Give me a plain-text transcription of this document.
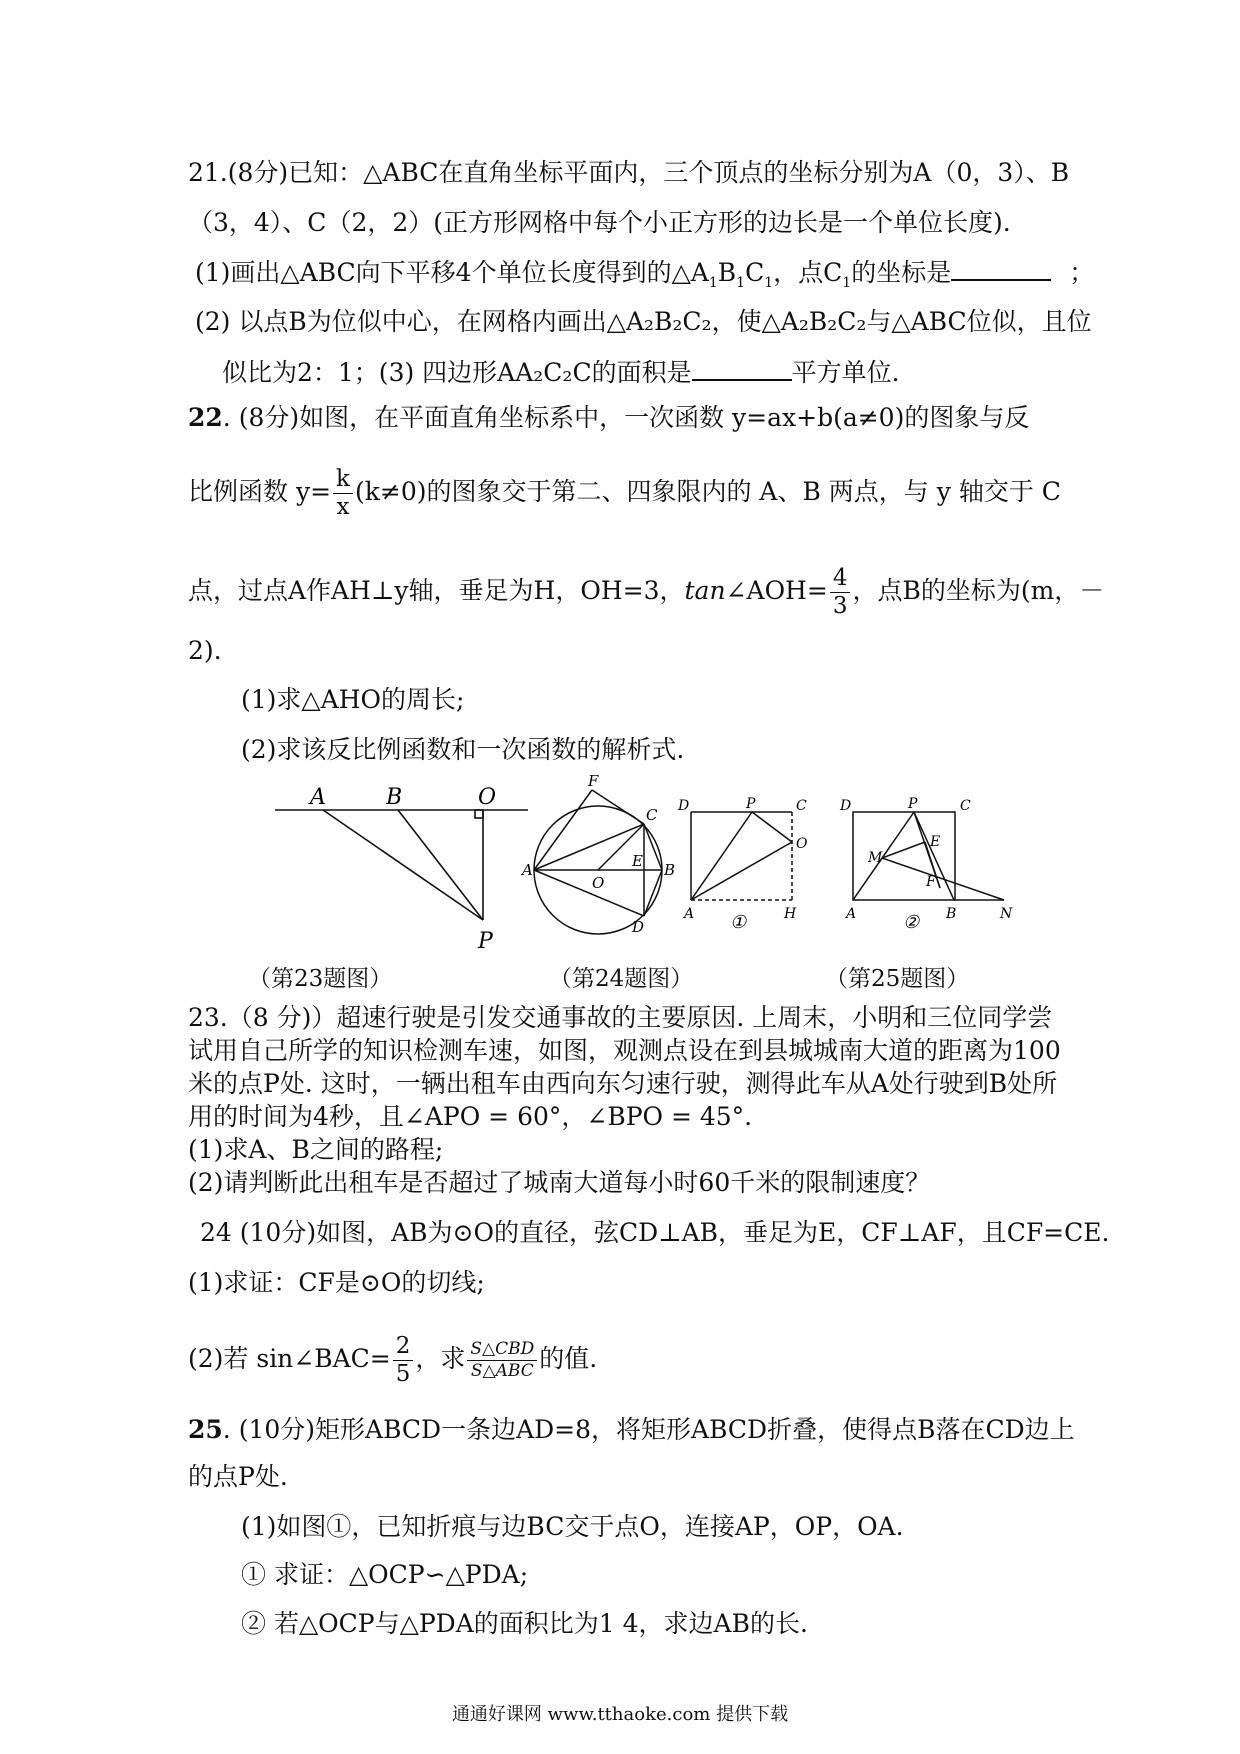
21.(8分)已知：△ABC在直角坐标平面内，三个顶点的坐标分别为A（0，3）、B
（3，4）、C（2，2）(正方形网格中每个小正方形的边长是一个单位长度).
(1)画出△ABC向下平移4个单位长度得到的$\triangle A_1B_1C_1$，点$C_1$的坐标是	；
(2) 以点B为位似中心，在网格内画出△A₂B₂C₂，使△A₂B₂C₂与△ABC位似，且位
似比为2：1；(3) 四边形AA₂C₂C的面积是	平方单位.
22. (8分)如图，在平面直角坐标系中，一次函数 y=ax+b(a≠0)的图象与反
比例函数 $y= \frac{k}{x} (k\ne 0)$的图象交于第二、四象限内的 A、B 两点，与 y 轴交于 C
点，过点A作AH⊥y轴，垂足为H，OH=3，tan∠AOH= $\frac{4}{3}$ ，点B的坐标为(m，－
2).
(1)求△AHO的周长;
(2)求该反比例函数和一次函数的解析式.
A	B	O
P
F
C
A
O
E B
D
D	P	C
O
A	H
①
D	P	C
E
M
F
A	B	N
②
（第23题图）	（第24题图）	（第25题图）
23.（8 分)）超速行驶是引发交通事故的主要原因. 上周末，小明和三位同学尝
试用自己所学的知识检测车速，如图，观测点设在到县城城南大道的距离为100
米的点P处. 这时，一辆出租车由西向东匀速行驶，测得此车从A处行驶到B处所
用的时间为4秒，且∠APO = 60°，∠BPO = 45°.
(1)求A、B之间的路程;
(2)请判断此出租车是否超过了城南大道每小时60千米的限制速度？
24 (10分)如图，AB为⊙O的直径，弦CD⊥AB，垂足为E，CF⊥AF，且CF=CE.
(1)求证：CF是⊙O的切线;
(2)若 sin∠BAC= $\frac{2}{5}$ ，求 $\frac{\text{S△CBD}}{\text{S△ABC}}$ 的值.
25. (10分)矩形ABCD一条边AD=8，将矩形ABCD折叠，使得点B落在CD边上
的点P处.
(1)如图①，已知折痕与边BC交于点O，连接AP，OP，OA.
① 求证：△OCP∽△PDA;
② 若△OCP与△PDA的面积比为1 4，求边AB的长.
通通好课网 www.tthaoke.com 提供下载
